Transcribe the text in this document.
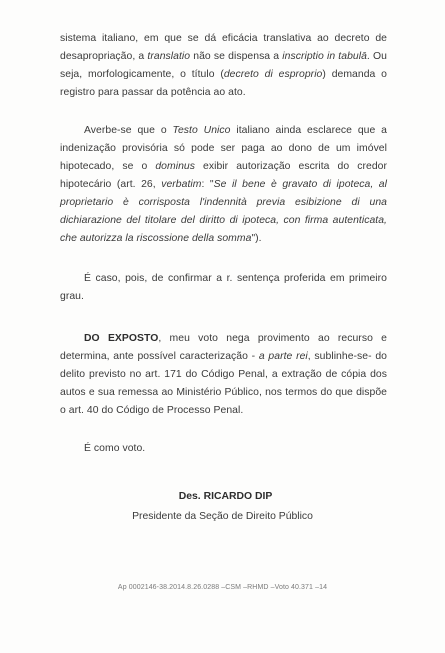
sistema italiano, em que se dá eficácia translativa ao decreto de desapropriação, a translatio não se dispensa a inscriptio in tabulā. Ou seja, morfologicamente, o título (decreto di esproprio) demanda o registro para passar da potência ao ato.
Averbe-se que o Testo Unico italiano ainda esclarece que a indenização provisória só pode ser paga ao dono de um imóvel hipotecado, se o dominus exibir autorização escrita do credor hipotecário (art. 26, verbatim: "Se il bene è gravato di ipoteca, al proprietario è corrisposta l'indennità previa esibizione di una dichiarazione del titolare del diritto di ipoteca, con firma autenticata, che autorizza la riscossione della somma").
É caso, pois, de confirmar a r. sentença proferida em primeiro grau.
DO EXPOSTO, meu voto nega provimento ao recurso e determina, ante possível caracterização - a parte rei, sublinhe-se- do delito previsto no art. 171 do Código Penal, a extração de cópia dos autos e sua remessa ao Ministério Público, nos termos do que dispõe o art. 40 do Código de Processo Penal.
É como voto.
Des. RICARDO DIP
Presidente da Seção de Direito Público
Ap 0002146-38.2014.8.26.0288 –CSM –RHMD –Voto 40.371 –14
